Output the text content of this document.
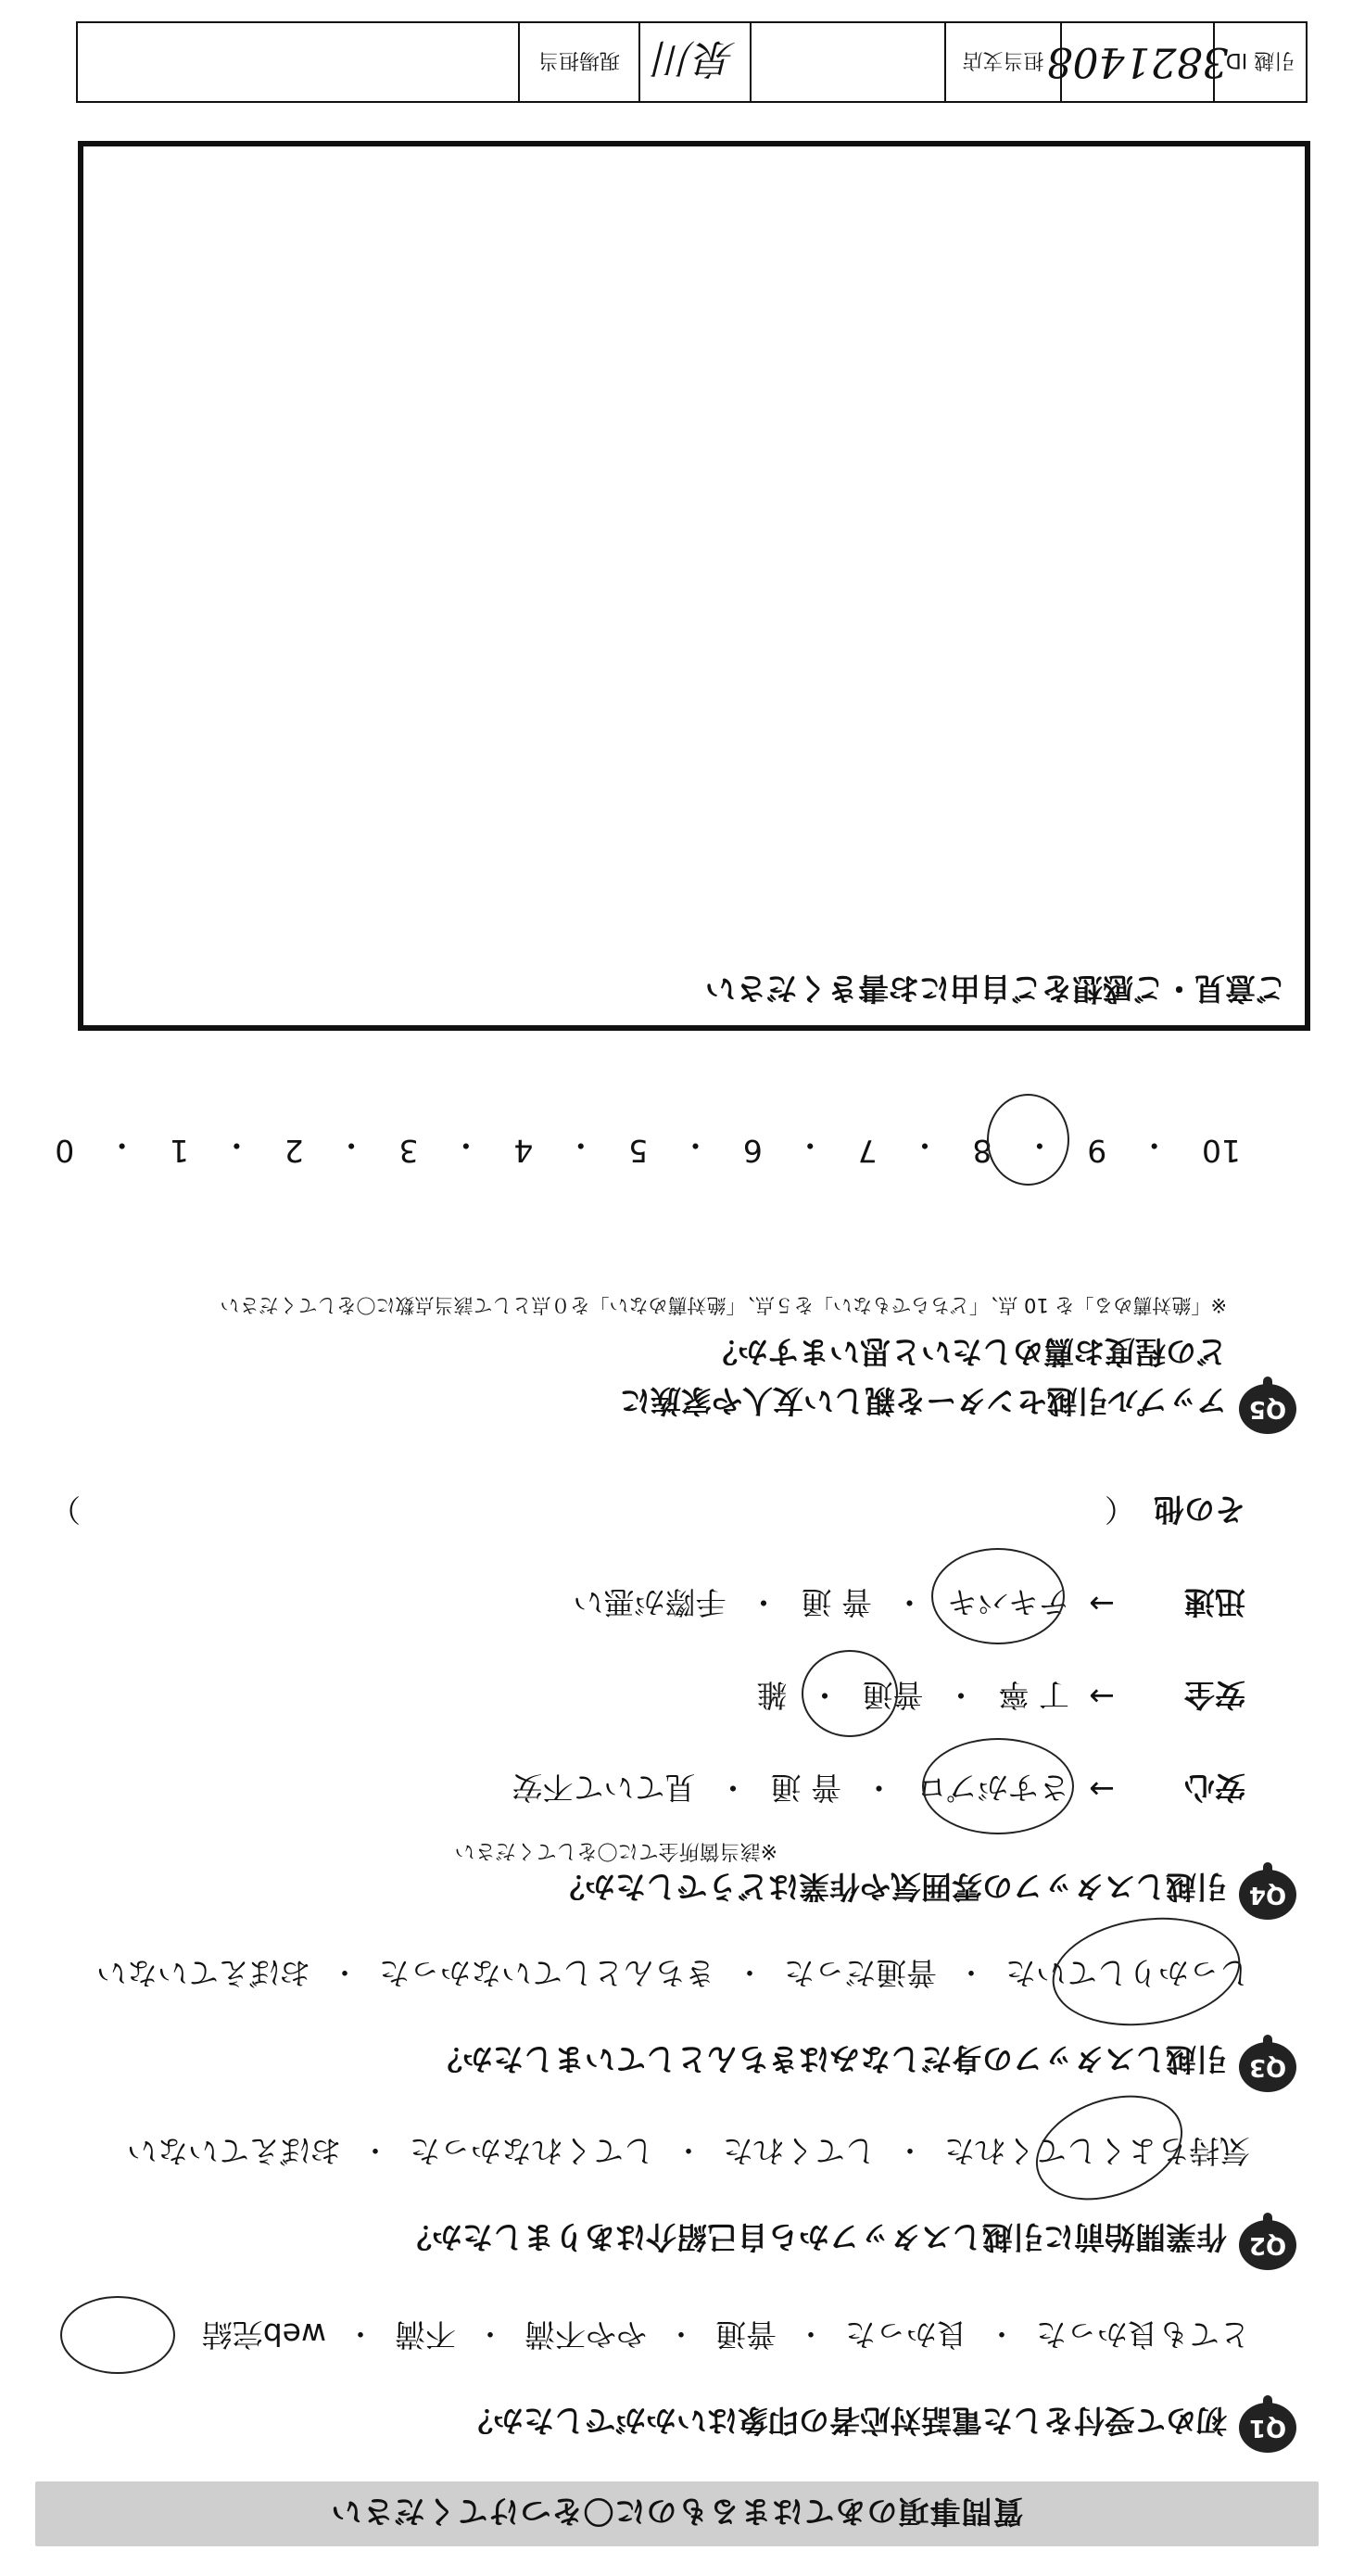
質問事項のあてはまるものに〇をつけてください
Q1
初めて受付をした電話対応者の印象はいかがでしたか？
とても良かった
・
良かった
・
普通
・
やや不満
・
不満
・
web完結
Q2
作業開始前に引越しスタッフから自己紹介はありましたか？
気持ちよくしてくれた
・
してくれた
・
してくれなかった
・
おぼえていない
Q3
引越しスタッフの身だしなみはきちんとしていましたか？
しっかりしていた
・
普通だった
・
きちんとしていなかった
・
おぼえていない
Q4
引越しスタッフの雰囲気や作業はどうでしたか？
※該当箇所全てに〇をしてください
安心
→
さすがプロ
・
普 通
・
見ていて不安
安全
→
丁 寧
・
普通
・
雑
迅速
→
テキパキ
・
普 通
・
手際が悪い
その他
（
）
Q5
アップル引越センターを親しい友人や家族に
どの程度お薦めしたいと思いますか？
※「絶対薦める」を 10 点、「どちらでもない」を５点、「絶対薦めない」を０点として該当点数に〇をしてください
10
・
9
・
8
・
7
・
6
・
5
・
4
・
3
・
2
・
1
・
0
ご意見・ご感想をご自由にお書きください
引越 ID
3821408
担当支店
泉川
現場担当
